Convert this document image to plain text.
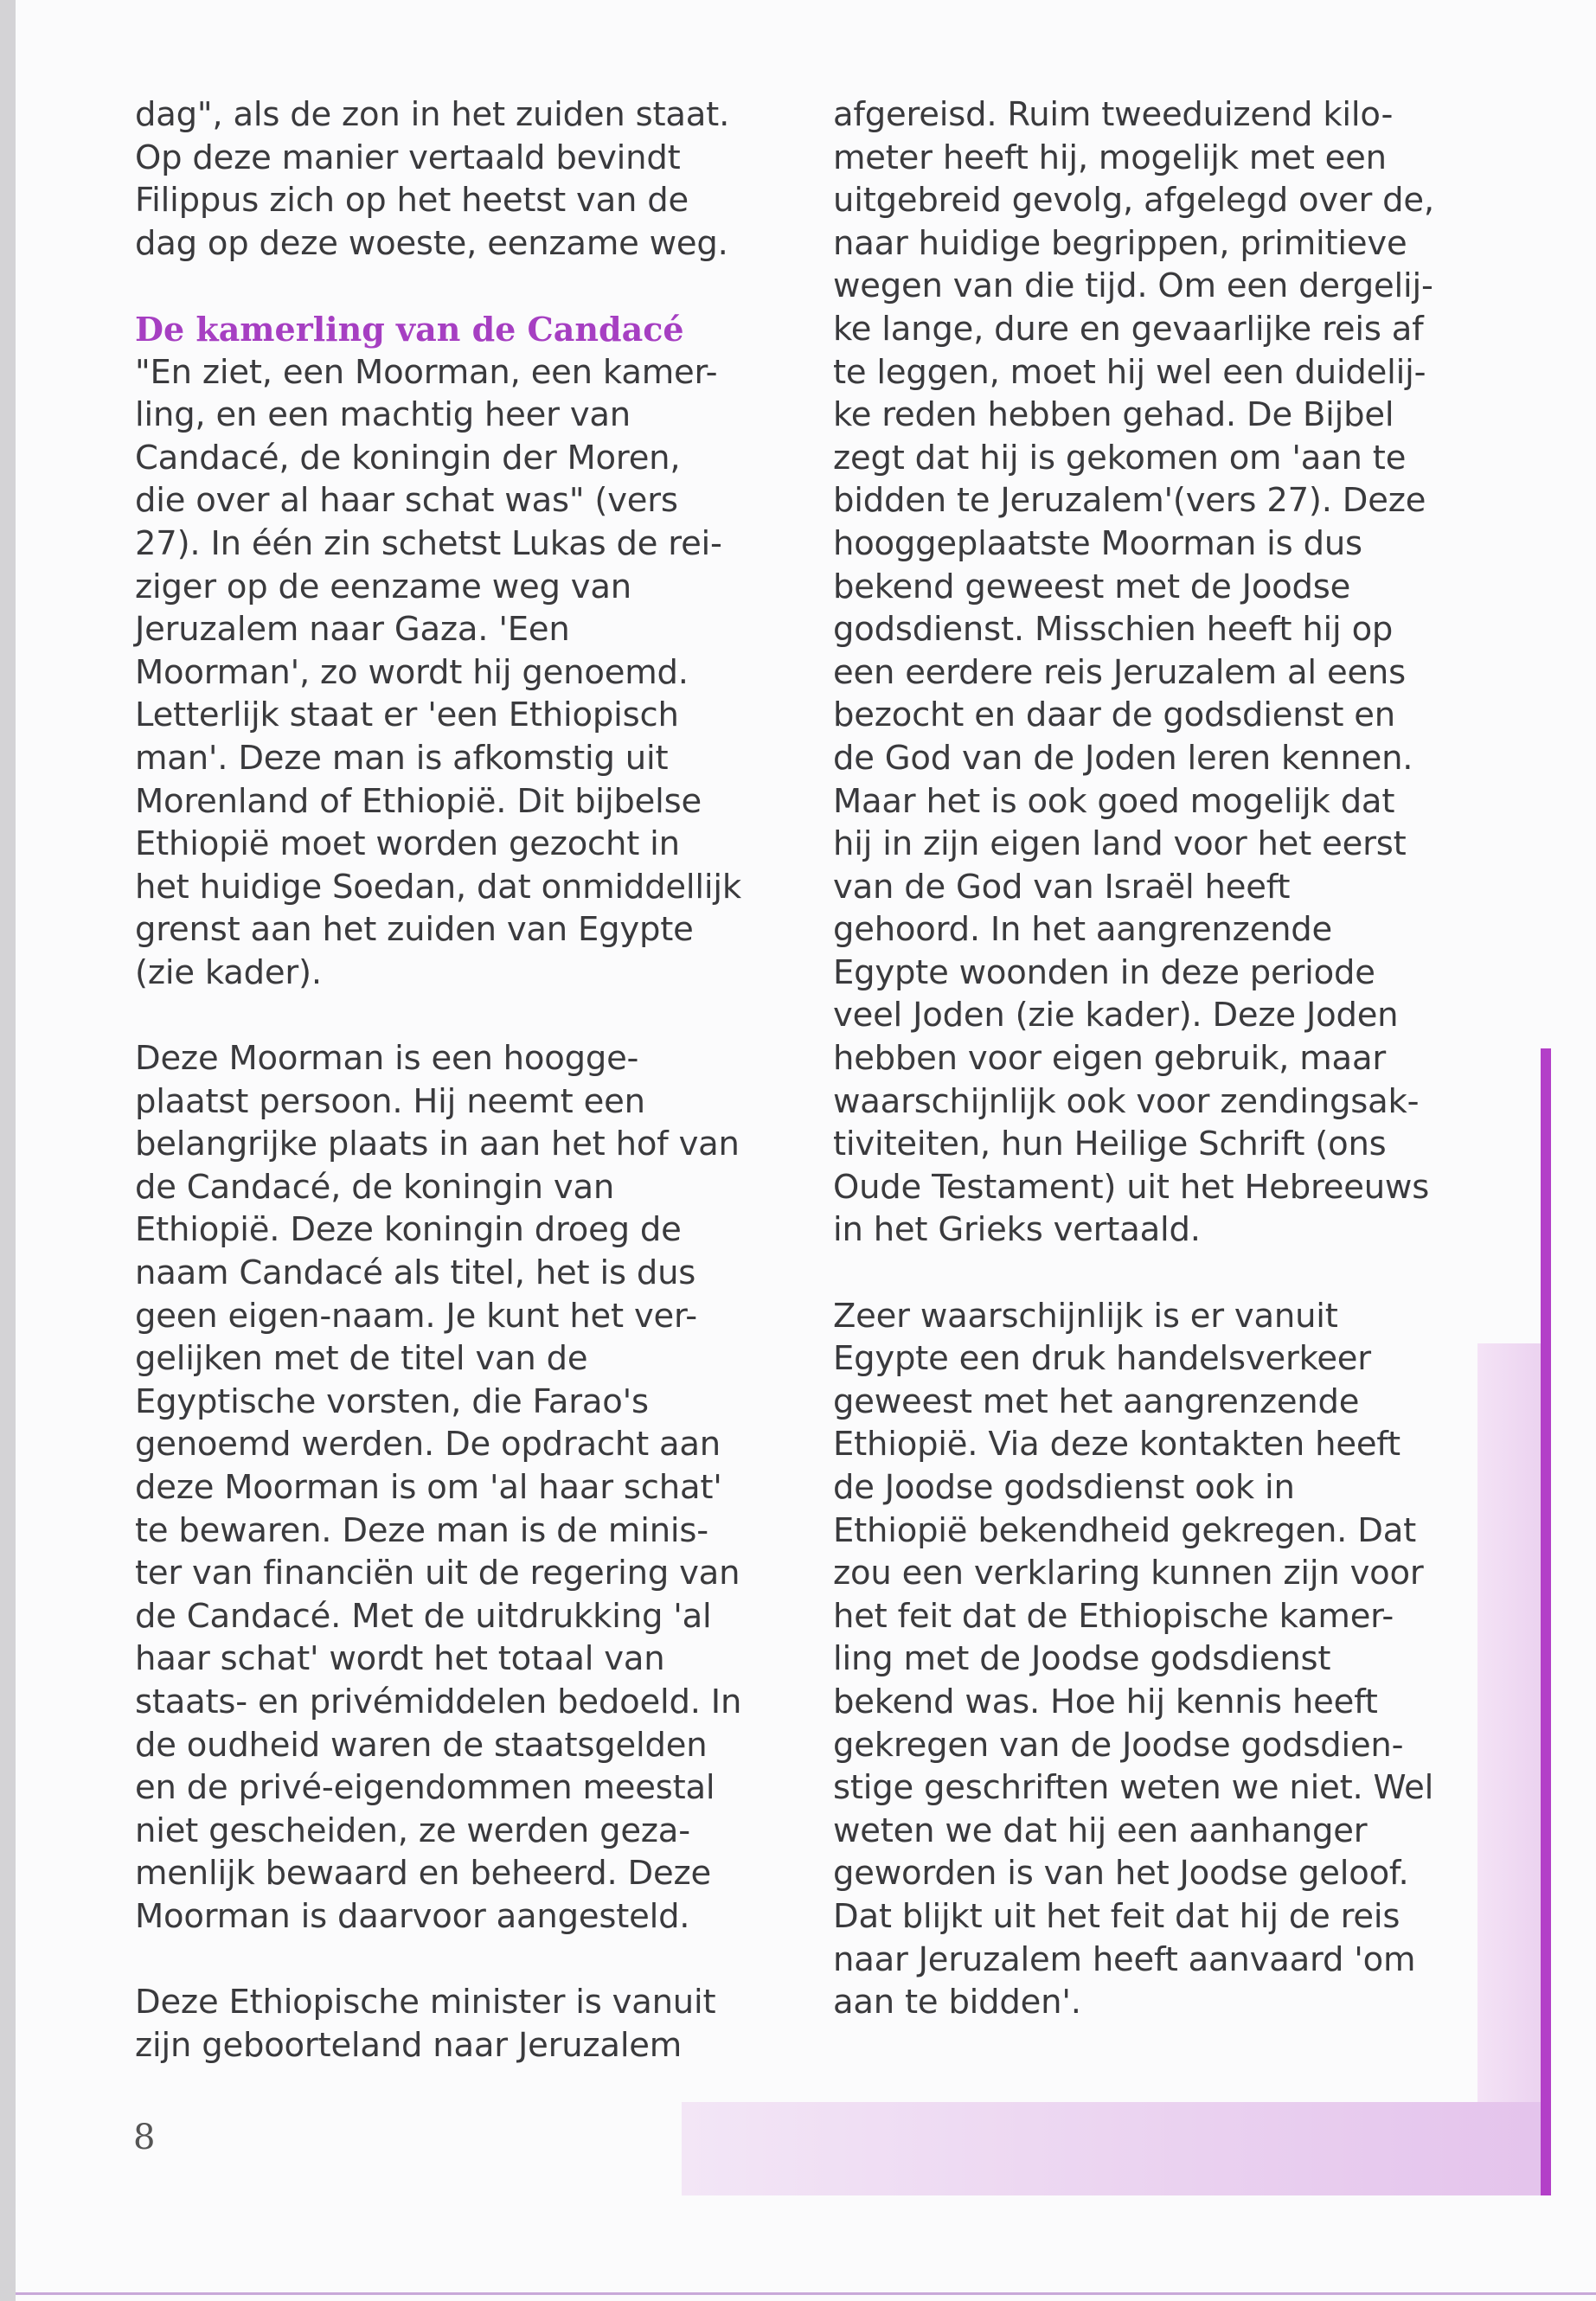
dag", als de zon in het zuiden staat.
Op deze manier vertaald bevindt
Filippus zich op het heetst van de
dag op deze woeste, eenzame weg.
De kamerling van de Candacé
"En ziet, een Moorman, een kamer-
ling, en een machtig heer van
Candacé, de koningin der Moren,
die over al haar schat was" (vers
27). In één zin schetst Lukas de rei-
ziger op de eenzame weg van
Jeruzalem naar Gaza. 'Een
Moorman', zo wordt hij genoemd.
Letterlijk staat er 'een Ethiopisch
man'. Deze man is afkomstig uit
Morenland of Ethiopië. Dit bijbelse
Ethiopië moet worden gezocht in
het huidige Soedan, dat onmiddellijk
grenst aan het zuiden van Egypte
(zie kader).
Deze Moorman is een hoogge-
plaatst persoon. Hij neemt een
belangrijke plaats in aan het hof van
de Candacé, de koningin van
Ethiopië. Deze koningin droeg de
naam Candacé als titel, het is dus
geen eigen-naam. Je kunt het ver-
gelijken met de titel van de
Egyptische vorsten, die Farao's
genoemd werden. De opdracht aan
deze Moorman is om 'al haar schat'
te bewaren. Deze man is de minis-
ter van financiën uit de regering van
de Candacé. Met de uitdrukking 'al
haar schat' wordt het totaal van
staats- en privémiddelen bedoeld. In
de oudheid waren de staatsgelden
en de privé-eigendommen meestal
niet gescheiden, ze werden geza-
menlijk bewaard en beheerd. Deze
Moorman is daarvoor aangesteld.
Deze Ethiopische minister is vanuit
zijn geboorteland naar Jeruzalem
afgereisd. Ruim tweeduizend kilo-
meter heeft hij, mogelijk met een
uitgebreid gevolg, afgelegd over de,
naar huidige begrippen, primitieve
wegen van die tijd. Om een dergelij-
ke lange, dure en gevaarlijke reis af
te leggen, moet hij wel een duidelij-
ke reden hebben gehad. De Bijbel
zegt dat hij is gekomen om 'aan te
bidden te Jeruzalem'(vers 27). Deze
hooggeplaatste Moorman is dus
bekend geweest met de Joodse
godsdienst. Misschien heeft hij op
een eerdere reis Jeruzalem al eens
bezocht en daar de godsdienst en
de God van de Joden leren kennen.
Maar het is ook goed mogelijk dat
hij in zijn eigen land voor het eerst
van de God van Israël heeft
gehoord. In het aangrenzende
Egypte woonden in deze periode
veel Joden (zie kader). Deze Joden
hebben voor eigen gebruik, maar
waarschijnlijk ook voor zendingsak-
tiviteiten, hun Heilige Schrift (ons
Oude Testament) uit het Hebreeuws
in het Grieks vertaald.
Zeer waarschijnlijk is er vanuit
Egypte een druk handelsverkeer
geweest met het aangrenzende
Ethiopië. Via deze kontakten heeft
de Joodse godsdienst ook in
Ethiopië bekendheid gekregen. Dat
zou een verklaring kunnen zijn voor
het feit dat de Ethiopische kamer-
ling met de Joodse godsdienst
bekend was. Hoe hij kennis heeft
gekregen van de Joodse godsdien-
stige geschriften weten we niet. Wel
weten we dat hij een aanhanger
geworden is van het Joodse geloof.
Dat blijkt uit het feit dat hij de reis
naar Jeruzalem heeft aanvaard 'om
aan te bidden'.
8
